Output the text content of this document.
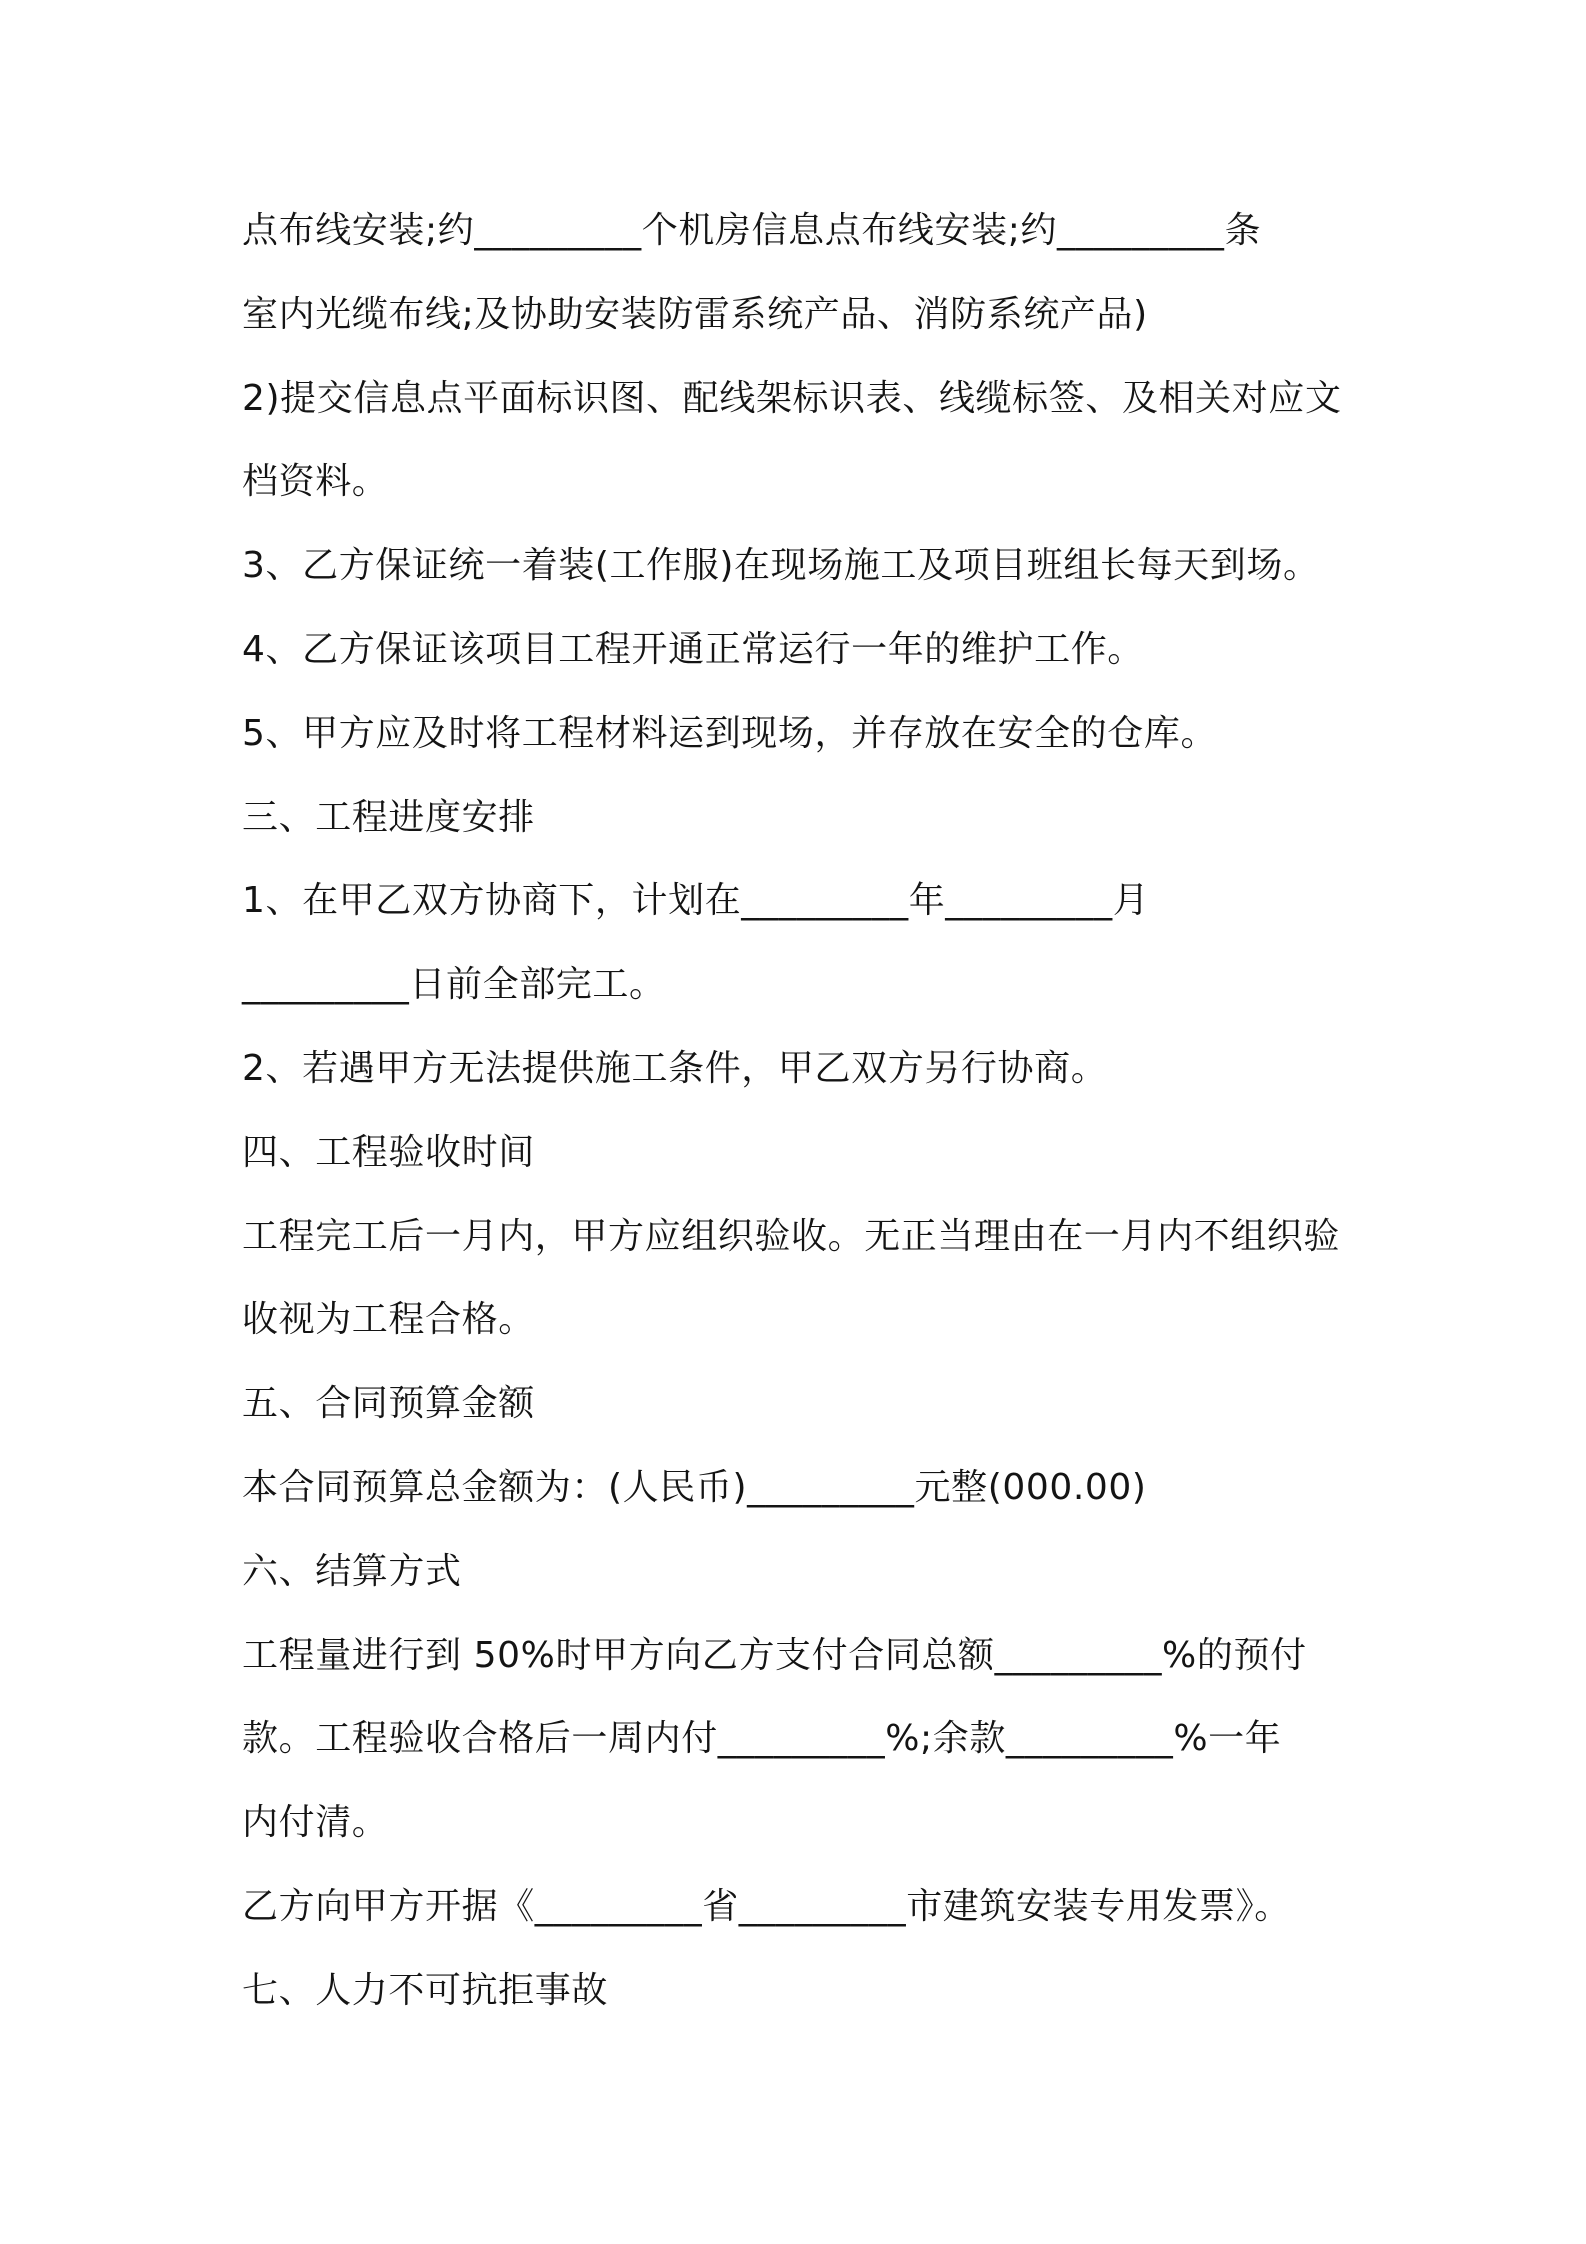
点布线安装;约_________个机房信息点布线安装;约_________条

室内光缆布线;及协助安装防雷系统产品、消防系统产品)

2)提交信息点平面标识图、配线架标识表、线缆标签、及相关对应文

档资料。

3、乙方保证统一着装(工作服)在现场施工及项目班组长每天到场。

4、乙方保证该项目工程开通正常运行一年的维护工作。

5、甲方应及时将工程材料运到现场，并存放在安全的仓库。

三、工程进度安排

1、在甲乙双方协商下，计划在_________年_________月

_________日前全部完工。

2、若遇甲方无法提供施工条件，甲乙双方另行协商。

四、工程验收时间

工程完工后一月内，甲方应组织验收。无正当理由在一月内不组织验

收视为工程合格。

五、合同预算金额

本合同预算总金额为：(人民币)_________元整(000.00)

六、结算方式

工程量进行到 50%时甲方向乙方支付合同总额_________%的预付

款。工程验收合格后一周内付_________%;余款_________%一年

内付清。

乙方向甲方开据《_________省_________市建筑安装专用发票》。

七、人力不可抗拒事故
